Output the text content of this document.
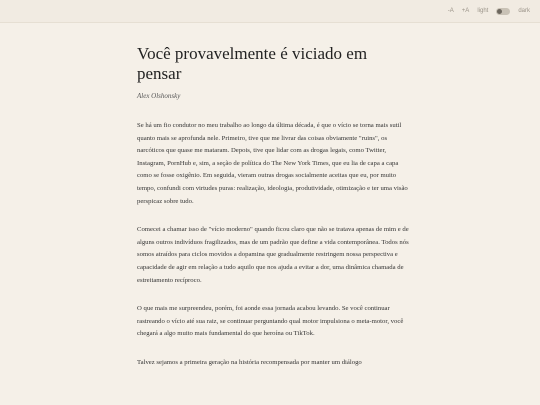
-A +A light	dark
Você provavelmente é viciado em pensar
Alex Olshonsky

Se há um fio condutor no meu trabalho ao longo da última década, é que o vício se torna mais sutil quanto mais se aprofunda nele. Primeiro, tive que me livrar das coisas obviamente "ruins", os narcóticos que quase me mataram. Depois, tive que lidar com as drogas legais, como Twitter, Instagram, PornHub e, sim, a seção de política do The New York Times, que eu lia de capa a capa como se fosse oxigênio. Em seguida, vieram outras drogas socialmente aceitas que eu, por muito tempo, confundi com virtudes puras: realização, ideologia, produtividade, otimização e ter uma visão perspicaz sobre tudo.

Comecei a chamar isso de "vício moderno" quando ficou claro que não se tratava apenas de mim e de alguns outros indivíduos fragilizados, mas de um padrão que define a vida contemporânea. Todos nós somos atraídos para ciclos movidos a dopamina que gradualmente restringem nossa perspectiva e capacidade de agir em relação a tudo aquilo que nos ajuda a evitar a dor, uma dinâmica chamada de estreitamento recíproco.

O que mais me surpreendeu, porém, foi aonde essa jornada acabou levando. Se você continuar rastreando o vício até sua raiz, se continuar perguntando qual motor impulsiona o meta-motor, você chegará a algo muito mais fundamental do que heroína ou TikTok.

Talvez sejamos a primeira geração na história recompensada por manter um diálogo
